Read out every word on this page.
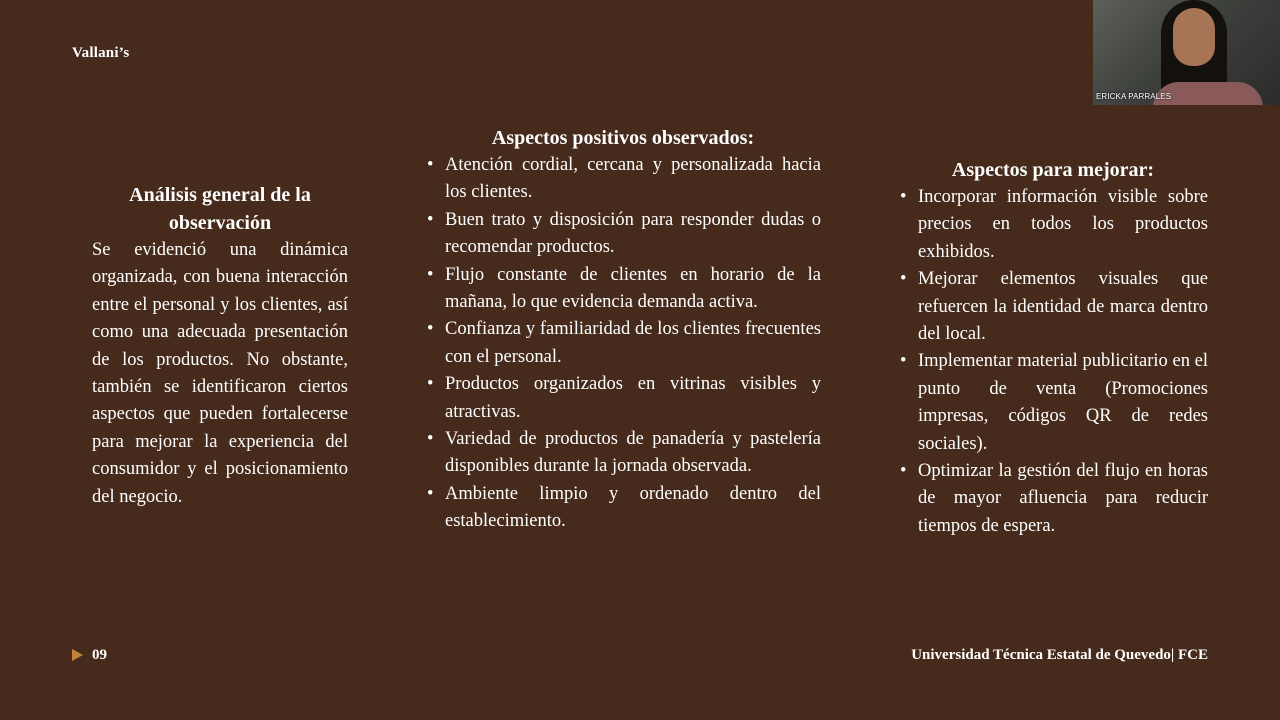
Vallani’s
Análisis general de la observación

Se evidenció una dinámica organizada, con buena interacción entre el personal y los clientes, así como una adecuada presentación de los productos. No obstante, también se identificaron ciertos aspectos que pueden fortalecerse para mejorar la experiencia del consumidor y el posicionamiento del negocio.

Aspectos positivos observados:
• Atención cordial, cercana y personalizada hacia los clientes.
• Buen trato y disposición para responder dudas o recomendar productos.
• Flujo constante de clientes en horario de la mañana, lo que evidencia demanda activa.
• Confianza y familiaridad de los clientes frecuentes con el personal.
• Productos organizados en vitrinas visibles y atractivas.
• Variedad de productos de panadería y pastelería disponibles durante la jornada observada.
• Ambiente limpio y ordenado dentro del establecimiento.
Aspectos para mejorar:
• Incorporar información visible sobre precios en todos los productos exhibidos.
• Mejorar elementos visuales que refuercen la identidad de marca dentro del local.
• Implementar material publicitario en el punto de venta (Promociones impresas, códigos QR de redes sociales).
• Optimizar la gestión del flujo en horas de mayor afluencia para reducir tiempos de espera.
09	Universidad Técnica Estatal de Quevedo| FCE
ERICKA PARRALES
